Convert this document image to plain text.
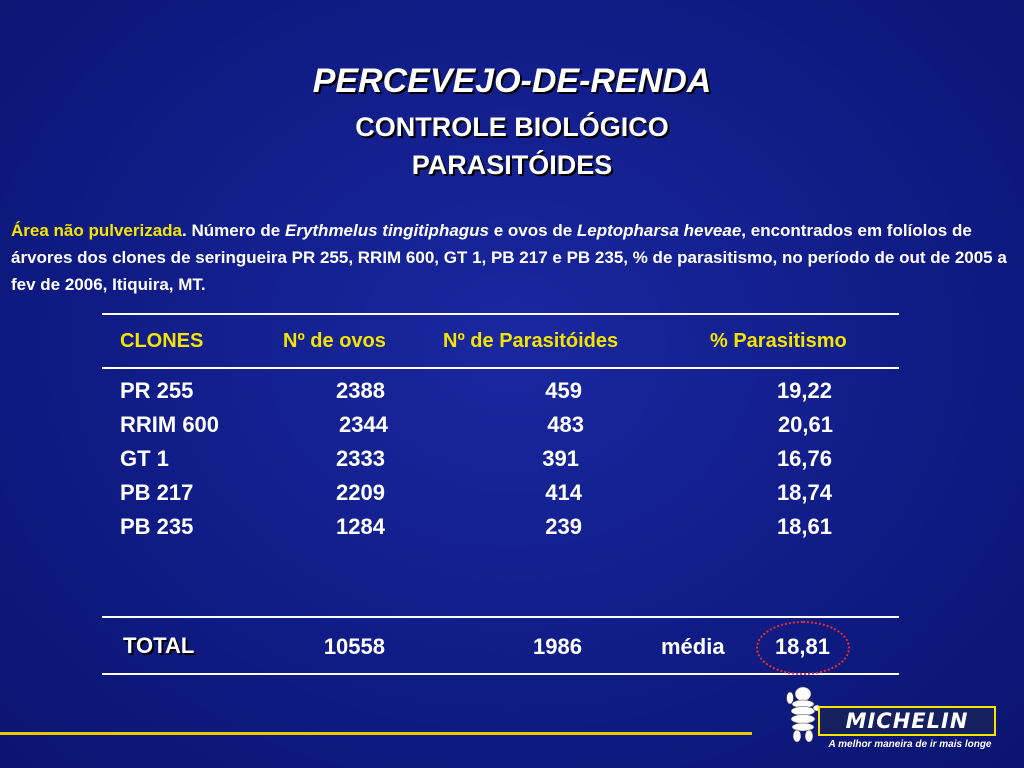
PERCEVEJO-DE-RENDA
CONTROLE BIOLÓGICO
PARASITÓIDES
Área não pulverizada. Número de Erythmelus tingitiphagus e ovos de Leptopharsa heveae, encontrados em folíolos de árvores dos clones de seringueira PR 255, RRIM 600, GT 1, PB 217 e PB 235, % de parasitismo, no período de out de 2005 a fev de 2006, Itiquira, MT.
CLONES	Nº de ovos	Nº de Parasitóides	% Parasitismo
PR 255	2388	459	19,22
RRIM 600	2344	483	20,61
GT 1	2333	391	16,76
PB 217	2209	414	18,74
PB 235	1284	239	18,61
TOTAL	10558	1986	média 18,81
MICHELIN
A melhor maneira de ir mais longe
